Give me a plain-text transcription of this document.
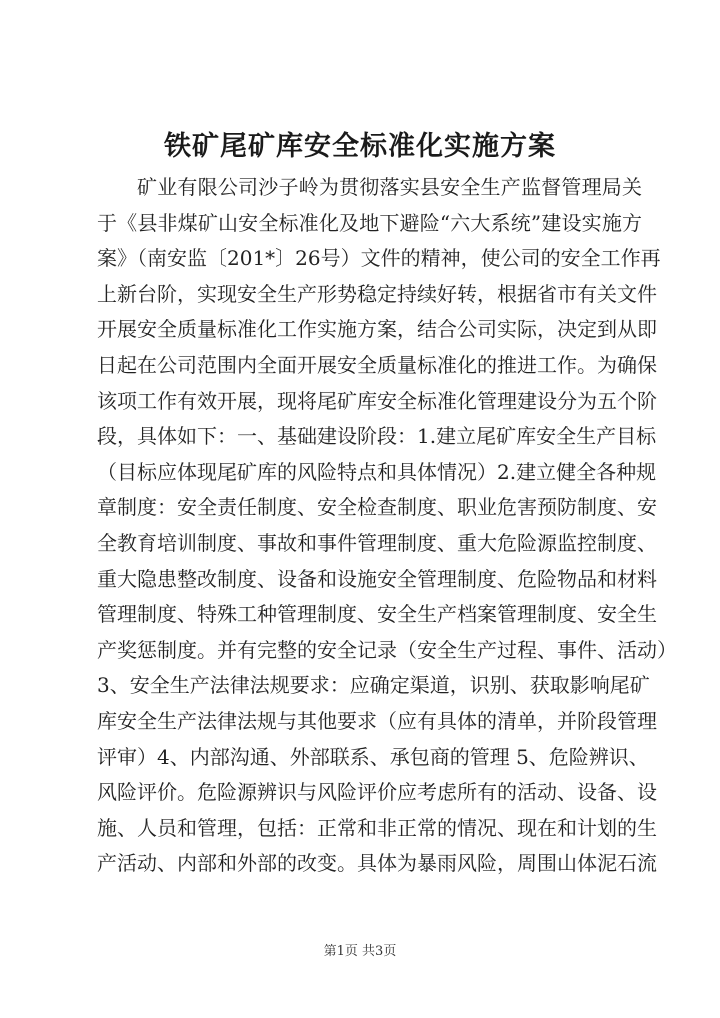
铁矿尾矿库安全标准化实施方案
矿业有限公司沙子岭为贯彻落实县安全生产监督管理局关
于《县非煤矿山安全标准化及地下避险“六大系统”建设实施方
案》（南安监〔201*〕26号）文件的精神，使公司的安全工作再
上新台阶，实现安全生产形势稳定持续好转，根据省市有关文件
开展安全质量标准化工作实施方案，结合公司实际，决定到从即
日起在公司范围内全面开展安全质量标准化的推进工作。为确保
该项工作有效开展，现将尾矿库安全标准化管理建设分为五个阶
段，具体如下：一、基础建设阶段：1.建立尾矿库安全生产目标
（目标应体现尾矿库的风险特点和具体情况）2.建立健全各种规
章制度：安全责任制度、安全检查制度、职业危害预防制度、安
全教育培训制度、事故和事件管理制度、重大危险源监控制度、
重大隐患整改制度、设备和设施安全管理制度、危险物品和材料
管理制度、特殊工种管理制度、安全生产档案管理制度、安全生
产奖惩制度。并有完整的安全记录（安全生产过程、事件、活动）
3、安全生产法律法规要求：应确定渠道，识别、获取影响尾矿
库安全生产法律法规与其他要求（应有具体的清单，并阶段管理
评审）4、内部沟通、外部联系、承包商的管理 5、危险辨识、
风险评价。危险源辨识与风险评价应考虑所有的活动、设备、设
施、人员和管理，包括：正常和非正常的情况、现在和计划的生
产活动、内部和外部的改变。具体为暴雨风险，周围山体泥石流
第1页 共3页
